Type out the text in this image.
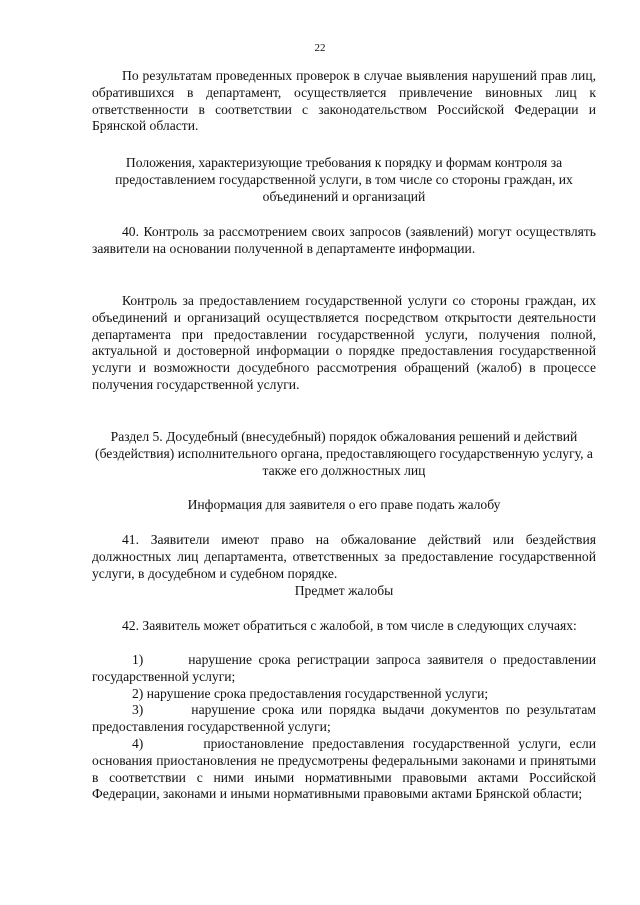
22

По результатам проведенных проверок в случае выявления нарушений прав лиц, обратившихся в департамент, осуществляется привлечение виновных лиц к ответственности в соответствии с законодательством Российской Федерации и Брянской области.

Положения, характеризующие требования к порядку и формам контроля за предоставлением государственной услуги, в том числе со стороны граждан, их объединений и организаций

40. Контроль за рассмотрением своих запросов (заявлений) могут осуществлять заявители на основании полученной в департаменте информации.

Контроль за предоставлением государственной услуги со стороны граждан, их объединений и организаций осуществляется посредством открытости деятельности департамента при предоставлении государственной услуги, получения полной, актуальной и достоверной информации о порядке предоставления государственной услуги и возможности досудебного рассмотрения обращений (жалоб) в процессе получения государственной услуги.

Раздел 5. Досудебный (внесудебный) порядок обжалования решений и действий (бездействия) исполнительного органа, предоставляющего государственную услугу, а также его должностных лиц

Информация для заявителя о его праве подать жалобу

41. Заявители имеют право на обжалование действий или бездействия должностных лиц департамента, ответственных за предоставление государственной услуги, в досудебном и судебном порядке.

Предмет жалобы

42. Заявитель может обратиться с жалобой, в том числе в следующих случаях:

1)	нарушение срока регистрации запроса заявителя о предоставлении государственной услуги;

2) нарушение срока предоставления государственной услуги;

3)	нарушение срока или порядка выдачи документов по результатам предоставления государственной услуги;

4)	приостановление предоставления государственной услуги, если основания приостановления не предусмотрены федеральными законами и принятыми в соответствии с ними иными нормативными правовыми актами Российской Федерации, законами и иными нормативными правовыми актами Брянской области;
